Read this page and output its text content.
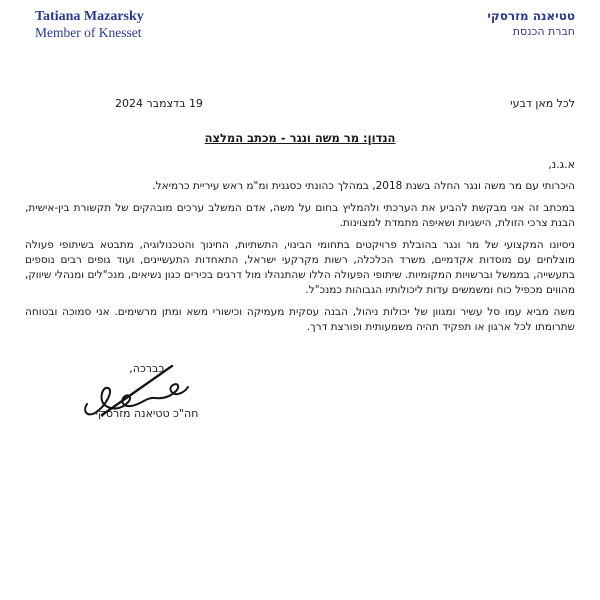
Tatiana Mazarsky
Member of Knesset
טטיאנה מזרסקי
חברת הכנסת
לכל מאן דבעי
19 בדצמבר 2024
הנדון: מר משה ונגר - מכתב המלצה
א.ג.נ,

היכרותי עם מר משה ונגר החלה בשנת 2018, במהלך כהונתי כסגנית ומ"מ ראש עיריית כרמיאל.

במכתב זה אני מבקשת להביע את הערכתי ולהמליץ בחום על משה, אדם המשלב ערכים מובהקים של תקשורת בין-אישית, הבנת צרכי הזולת, הישגיות ושאיפה מתמדת למצוינות.

ניסיונו המקצועי של מר ונגר בהובלת פרויקטים בתחומי הבינוי, התשתיות, החינוך והטכנולוגיה, מתבטא בשיתופי פעולה מוצלחים עם מוסדות אקדמיים, משרד הכלכלה, רשות מקרקעי ישראל, התאחדות התעשיינים, ועוד גופים רבים נוספים בתעשייה, בממשל וברשויות המקומיות. שיתופי הפעולה הללו שהתנהלו מול דרגים בכירים כגון נשיאים, מנכ"לים ומנהלי שיווק, מהווים מכפיל כוח ומשמשים עדות ליכולותיו הגבוהות כמנכ"ל.

משה מביא עמו סל עשיר ומגוון של יכולות ניהול, הבנה עסקית מעמיקה וכישורי משא ומתן מרשימים. אני סמוכה ובטוחה שתרומתו לכל ארגון או תפקיד תהיה משמעותית ופורצת דרך.

בברכה,
חה"כ טטיאנה מזרסקי
